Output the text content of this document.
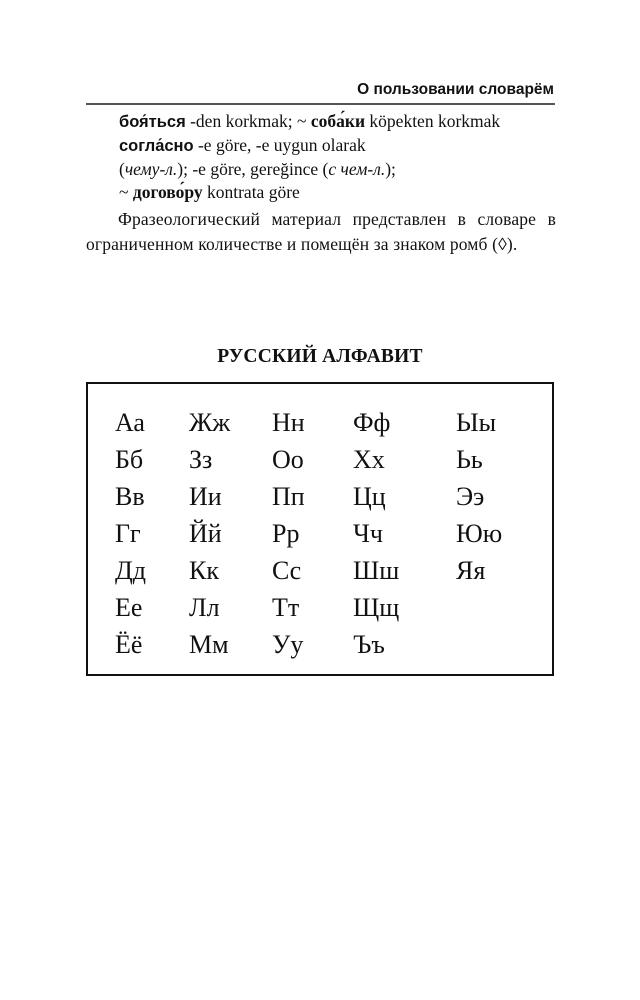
О пользовании словарём
боя́ться -den korkmak; ~ соба́ки köpekten korkmak
согла́сно -e göre, -e uygun olarak
(чему-л.); -e göre, gereğince (с чем-л.);
~ догово́ру kontrata göre

Фразеологический материал представлен в словаре в ограниченном количестве и помещён за знаком ромб (◊).

РУССКИЙ АЛФАВИТ
Аа
Бб
Вв
Гг
Дд
Ее
Ёё
Жж
Зз
Ии
Йй
Кк
Лл
Мм
Нн
Оо
Пп
Рр
Сс
Тт
Уу
Фф
Хх
Цц
Чч
Шш
Щщ
Ъъ
Ыы
Ьь
Ээ
Юю
Яя
